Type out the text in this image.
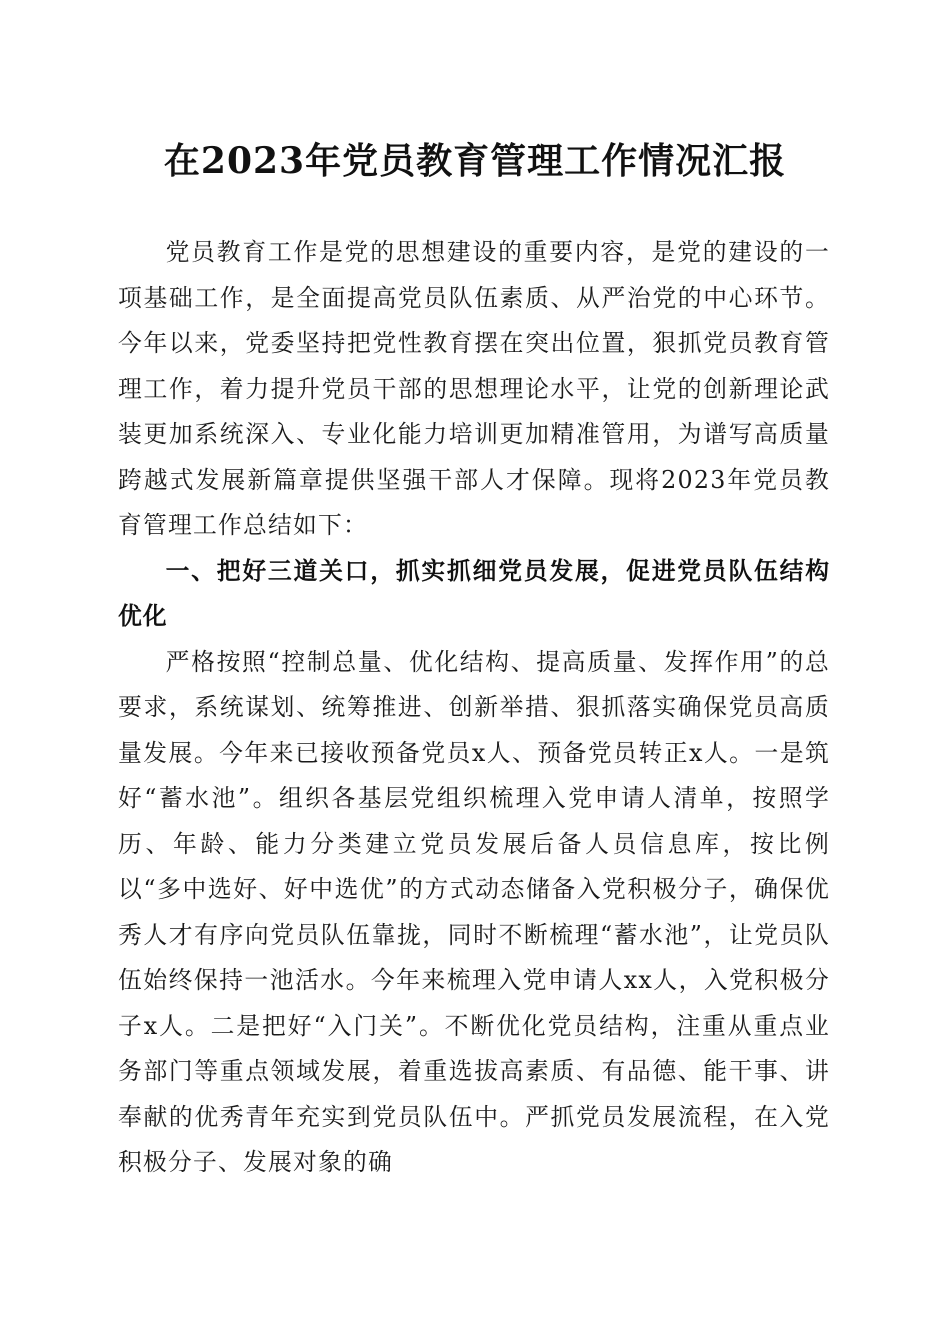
在2023年党员教育管理工作情况汇报

党员教育工作是党的思想建设的重要内容，是党的建设的一项基础工作，是全面提高党员队伍素质、从严治党的中心环节。今年以来，党委坚持把党性教育摆在突出位置，狠抓党员教育管理工作，着力提升党员干部的思想理论水平，让党的创新理论武装更加系统深入、专业化能力培训更加精准管用，为谱写高质量跨越式发展新篇章提供坚强干部人才保障。现将2023年党员教育管理工作总结如下：

一、把好三道关口，抓实抓细党员发展，促进党员队伍结构优化

严格按照“控制总量、优化结构、提高质量、发挥作用”的总要求，系统谋划、统筹推进、创新举措、狠抓落实确保党员高质量发展。今年来已接收预备党员x人、预备党员转正x人。一是筑好“蓄水池”。组织各基层党组织梳理入党申请人清单，按照学历、年龄、能力分类建立党员发展后备人员信息库，按比例以“多中选好、好中选优”的方式动态储备入党积极分子，确保优秀人才有序向党员队伍靠拢，同时不断梳理“蓄水池”，让党员队伍始终保持一池活水。今年来梳理入党申请人xx人，入党积极分子x人。二是把好“入门关”。不断优化党员结构，注重从重点业务部门等重点领域发展，着重选拔高素质、有品德、能干事、讲奉献的优秀青年充实到党员队伍中。严抓党员发展流程，在入党积极分子、发展对象的确
